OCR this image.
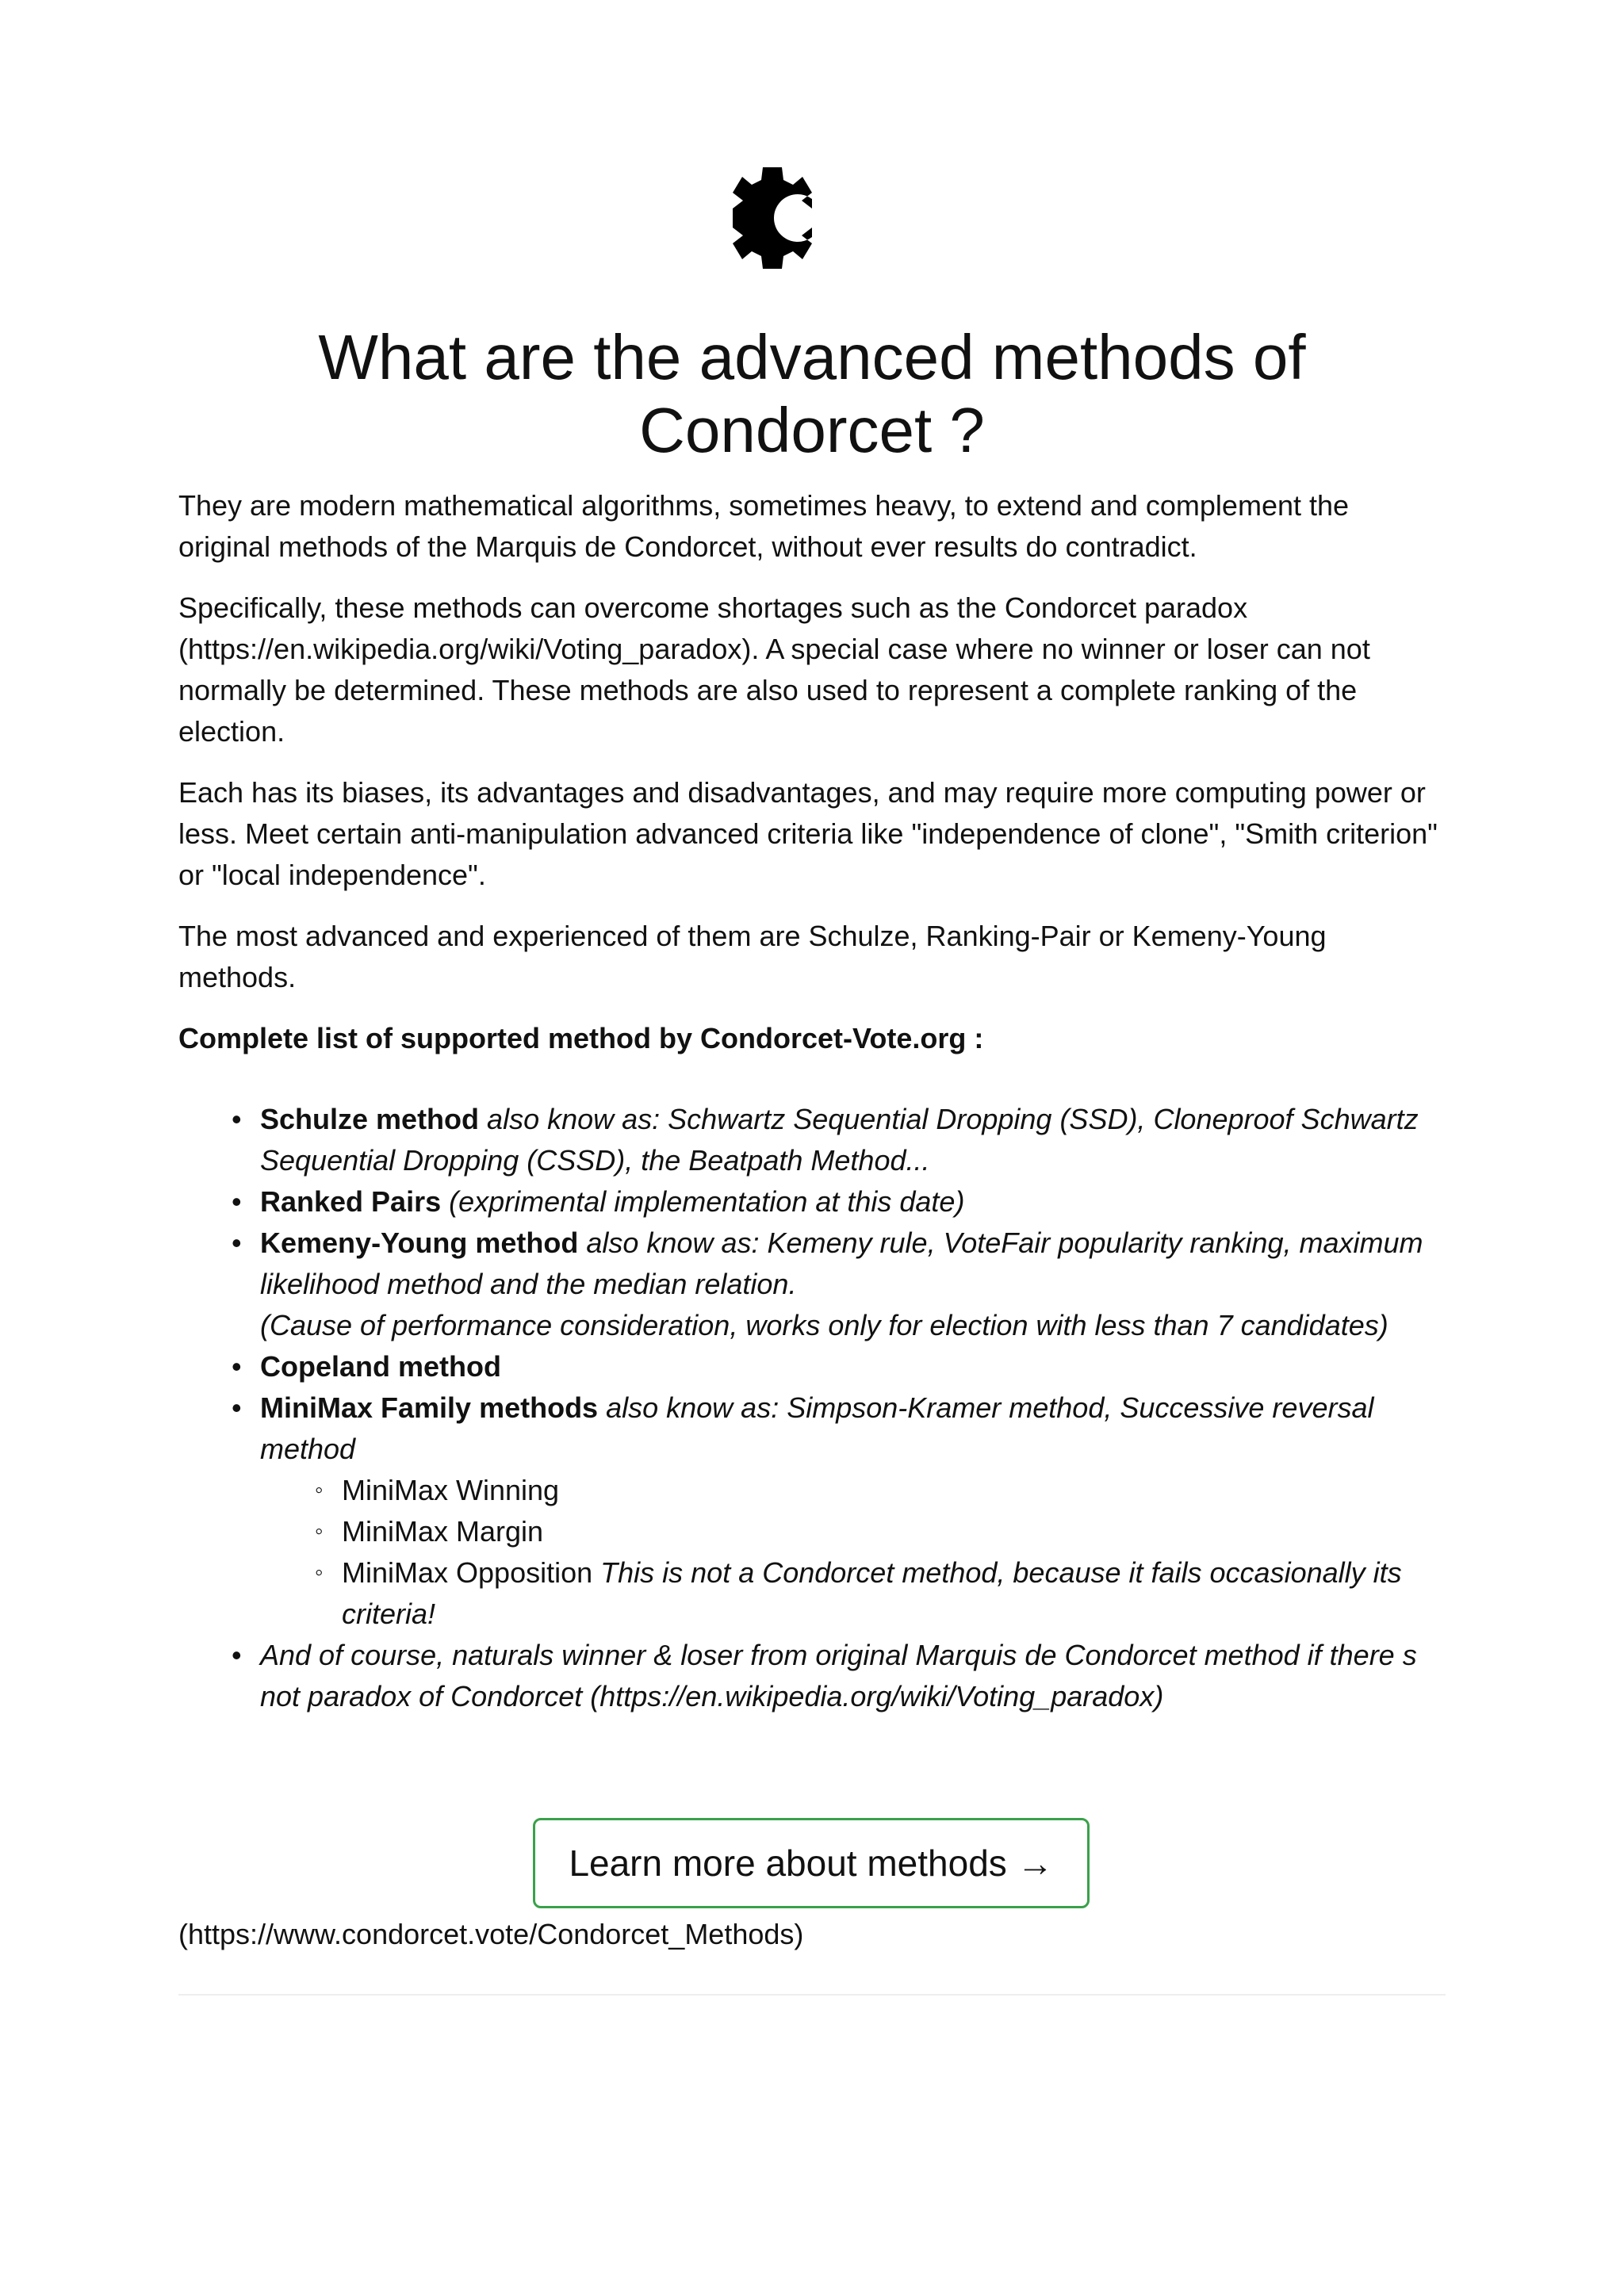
What are the advanced methods of Condorcet ?

They are modern mathematical algorithms, sometimes heavy, to extend and complement the original methods of the Marquis de Condorcet, without ever results do contradict.

Specifically, these methods can overcome shortages such as the Condorcet paradox (https://en.wikipedia.org/wiki/Voting_paradox). A special case where no winner or loser can not normally be determined. These methods are also used to represent a complete ranking of the election.

Each has its biases, its advantages and disadvantages, and may require more computing power or less. Meet certain anti-manipulation advanced criteria like "independence of clone", "Smith criterion" or "local independence".

The most advanced and experienced of them are Schulze, Ranking-Pair or Kemeny-Young methods.

Complete list of supported method by Condorcet-Vote.org :

• Schulze method also know as: Schwartz Sequential Dropping (SSD), Cloneproof Schwartz Sequential Dropping (CSSD), the Beatpath Method...
• Ranked Pairs (exprimental implementation at this date)
• Kemeny-Young method also know as: Kemeny rule, VoteFair popularity ranking, maximum likelihood method and the median relation.
(Cause of performance consideration, works only for election with less than 7 candidates)
• Copeland method
• MiniMax Family methods also know as: Simpson-Kramer method, Successive reversal method
◦ MiniMax Winning
◦ MiniMax Margin
◦ MiniMax Opposition This is not a Condorcet method, because it fails occasionally its criteria!
• And of course, naturals winner & loser from original Marquis de Condorcet method if there s not paradox of Condorcet (https://en.wikipedia.org/wiki/Voting_paradox)
Learn more about methods →
(https://www.condorcet.vote/Condorcet_Methods)
